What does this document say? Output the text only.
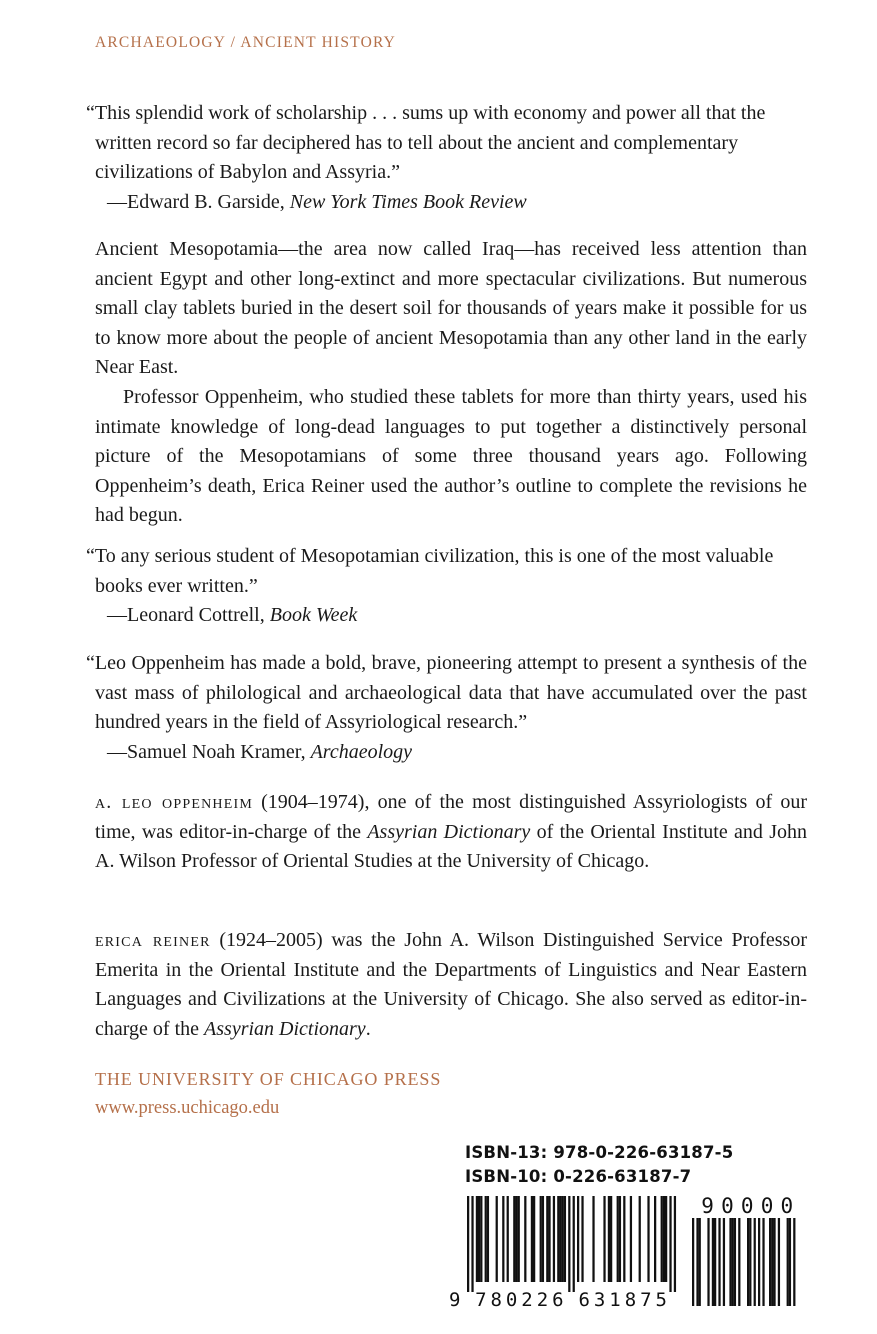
ARCHAEOLOGY / ANCIENT HISTORY

“This splendid work of scholarship . . . sums up with economy and power all that the written record so far deciphered has to tell about the ancient and complementary civilizations of Babylon and Assyria.”

—Edward B. Garside, New York Times Book Review

Ancient Mesopotamia—the area now called Iraq—has received less attention than ancient Egypt and other long-extinct and more spectacular civilizations. But numerous small clay tablets buried in the desert soil for thousands of years make it possible for us to know more about the people of ancient Mesopotamia than any other land in the early Near East.

Professor Oppenheim, who studied these tablets for more than thirty years, used his intimate knowledge of long-dead languages to put together a distinctively personal picture of the Mesopotamians of some three thousand years ago. Following Oppenheim’s death, Erica Reiner used the author’s outline to complete the revisions he had begun.

“To any serious student of Mesopotamian civilization, this is one of the most valuable books ever written.”

—Leonard Cottrell, Book Week

“Leo Oppenheim has made a bold, brave, pioneering attempt to present a synthesis of the vast mass of philological and archaeological data that have accumulated over the past hundred years in the field of Assyriological research.”

—Samuel Noah Kramer, Archaeology

a. leo oppenheim (1904–1974), one of the most distinguished Assyriologists of our time, was editor-in-charge of the Assyrian Dictionary of the Oriental Institute and John A. Wilson Professor of Oriental Studies at the University of Chicago.

erica reiner (1924–2005) was the John A. Wilson Distinguished Service Professor Emerita in the Oriental Institute and the Departments of Linguistics and Near Eastern Languages and Civilizations at the University of Chicago. She also served as editor-in-charge of the Assyrian Dictionary.

THE UNIVERSITY OF CHICAGO PRESS
www.press.uchicago.edu
ISBN-13: 978-0-226-63187-5
ISBN-10: 0-226-63187-7
9 7 8 0 2 2 6 6 3 1 8 7 5
9 0 0 0 0
